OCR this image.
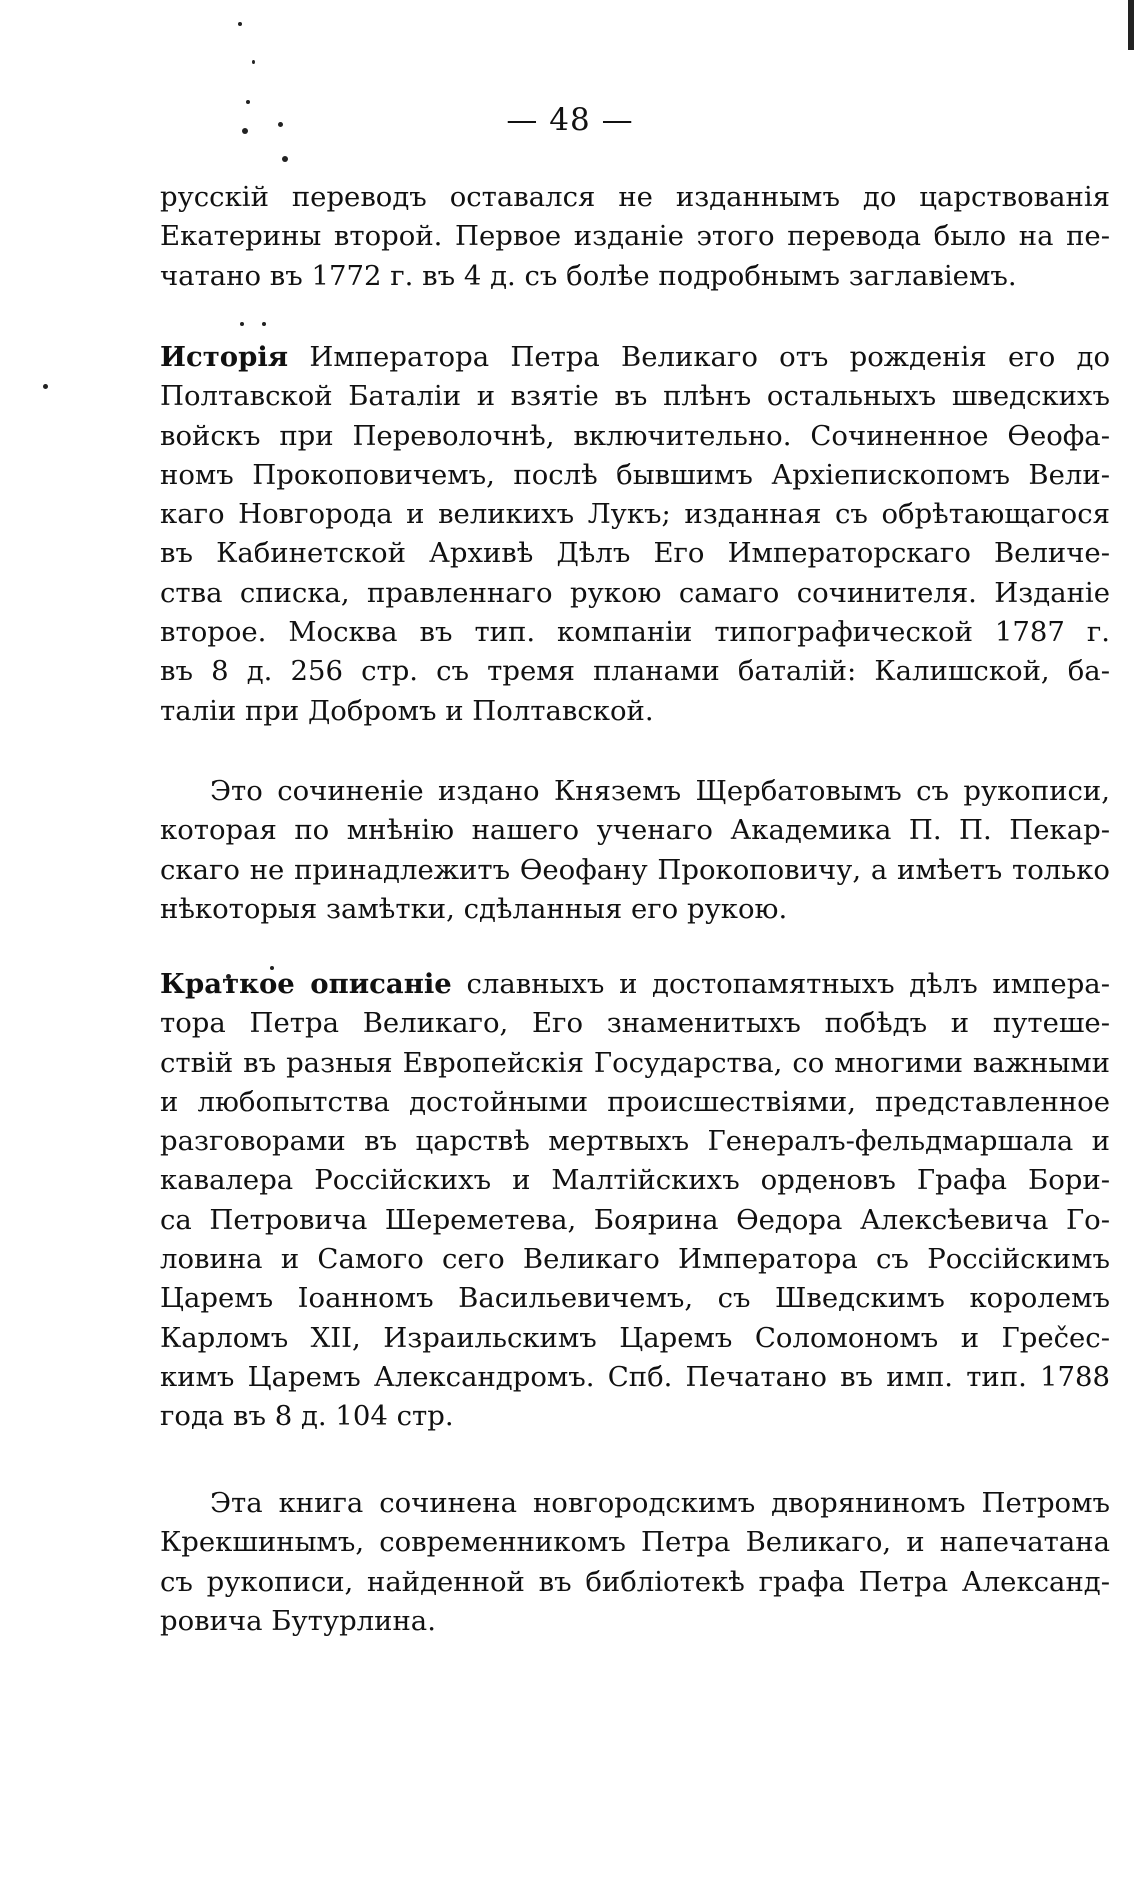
— 48 —
русскій переводъ оставался не изданнымъ до царствованія
Екатерины второй. Первое изданіе этого перевода было на пе-
чатано въ 1772 г. въ 4 д. съ болѣе подробнымъ заглавіемъ.
Исторія Императора Петра Великаго отъ рожденія его до
Полтавской Баталіи и взятіе въ плѣнъ остальныхъ шведскихъ
войскъ при Переволочнѣ, включительно. Сочиненное Ѳеофа-
номъ Прокоповичемъ, послѣ бывшимъ Архіепископомъ Вели-
каго Новгорода и великихъ Лукъ; изданная съ обрѣтающагося
въ Кабинетской Архивѣ Дѣлъ Его Императорскаго Величе-
ства списка, правленнаго рукою самаго сочинителя. Изданіе
второе. Москва въ тип. компаніи типографической 1787 г.
въ 8 д. 256 стр. съ тремя планами баталій: Калишской, ба-
таліи при Добромъ и Полтавской.
Это сочиненіе издано Княземъ Щербатовымъ съ рукописи,
которая по мнѣнію нашего ученаго Академика П. П. Пекар-
скаго не принадлежитъ Ѳеофану Прокоповичу, а имѣетъ только
нѣкоторыя замѣтки, сдѣланныя его рукою.
Краткое описаніе славныхъ и достопамятныхъ дѣлъ импера-
тора Петра Великаго, Его знаменитыхъ побѣдъ и путеше-
ствій въ разныя Европейскія Государства, со многими важными
и любопытства достойными происшествіями, представленное
разговорами въ царствѣ мертвыхъ Генералъ-фельдмаршала и
кавалера Россійскихъ и Малтійскихъ орденовъ Графа Бори-
са Петровича Шереметева, Боярина Ѳедора Алексѣевича Го-
ловина и Самого сего Великаго Императора съ Россійскимъ
Царемъ Іоанномъ Васильевичемъ, съ Шведскимъ королемъ
Карломъ XII, Израильскимъ Царемъ Соломономъ и Грečес-
кимъ Царемъ Александромъ. Спб. Печатано въ имп. тип. 1788
года въ 8 д. 104 стр.
Эта книга сочинена новгородскимъ дворяниномъ Петромъ
Крекшинымъ, современникомъ Петра Великаго, и напечатана
съ рукописи, найденной въ библіотекѣ графа Петра Александ-
ровича Бутурлина.
